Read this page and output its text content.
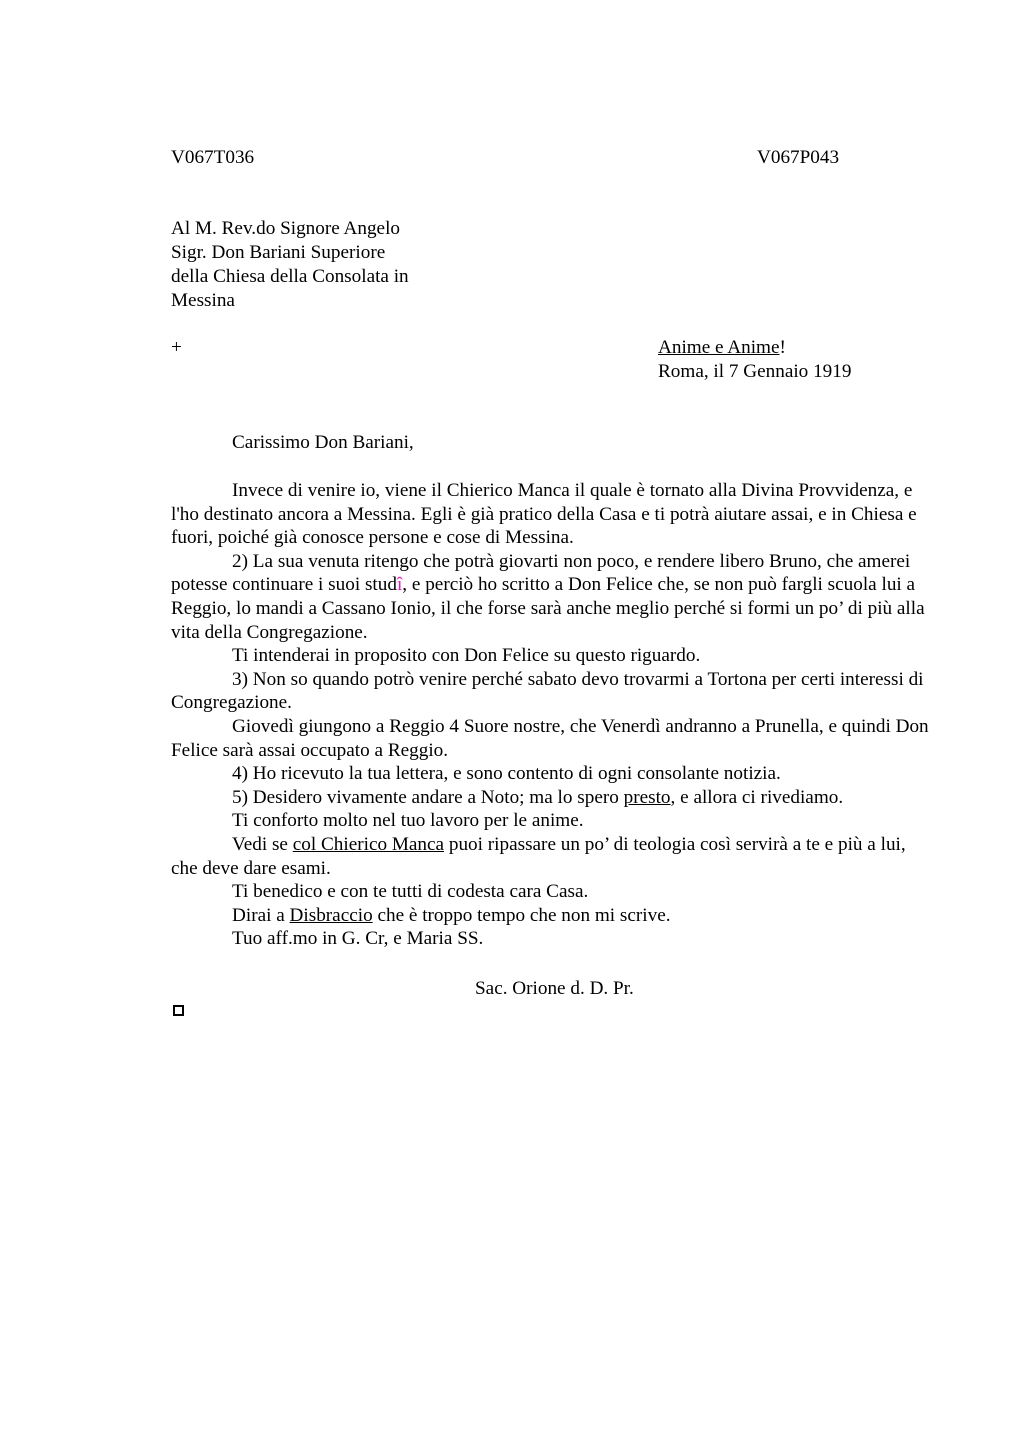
V067T036	V067P043
Al M. Rev.do Signore Angelo
Sigr. Don Bariani Superiore
della Chiesa della Consolata in
Messina
+	Anime e Anime!
Roma, il 7 Gennaio 1919
Carissimo Don Bariani,

Invece di venire io, viene il Chierico Manca il quale è tornato alla Divina Provvidenza, e l'ho destinato ancora a Messina. Egli è già pratico della Casa e ti potrà aiutare assai, e in Chiesa e fuori, poiché già conosce persone e cose di Messina.

2) La sua venuta ritengo che potrà giovarti non poco, e rendere libero Bruno, che amerei potesse continuare i suoi studî, e perciò ho scritto a Don Felice che, se non può fargli scuola lui a Reggio, lo mandi a Cassano Ionio, il che forse sarà anche meglio perché si formi un po’ di più alla vita della Congregazione.

Ti intenderai in proposito con Don Felice su questo riguardo.

3) Non so quando potrò venire perché sabato devo trovarmi a Tortona per certi interessi di Congregazione.

Giovedì giungono a Reggio 4 Suore nostre, che Venerdì andranno a Prunella, e quindi Don Felice sarà assai occupato a Reggio.

4) Ho ricevuto la tua lettera, e sono contento di ogni consolante notizia.

5) Desidero vivamente andare a Noto; ma lo spero presto, e allora ci rivediamo.

Ti conforto molto nel tuo lavoro per le anime.

Vedi se col Chierico Manca puoi ripassare un po’ di teologia così servirà a te e più a lui, che deve dare esami.

Ti benedico e con te tutti di codesta cara Casa.

Dirai a Disbraccio che è troppo tempo che non mi scrive.

Tuo aff.mo in G. Cr, e Maria SS.

Sac. Orione d. D. Pr.
